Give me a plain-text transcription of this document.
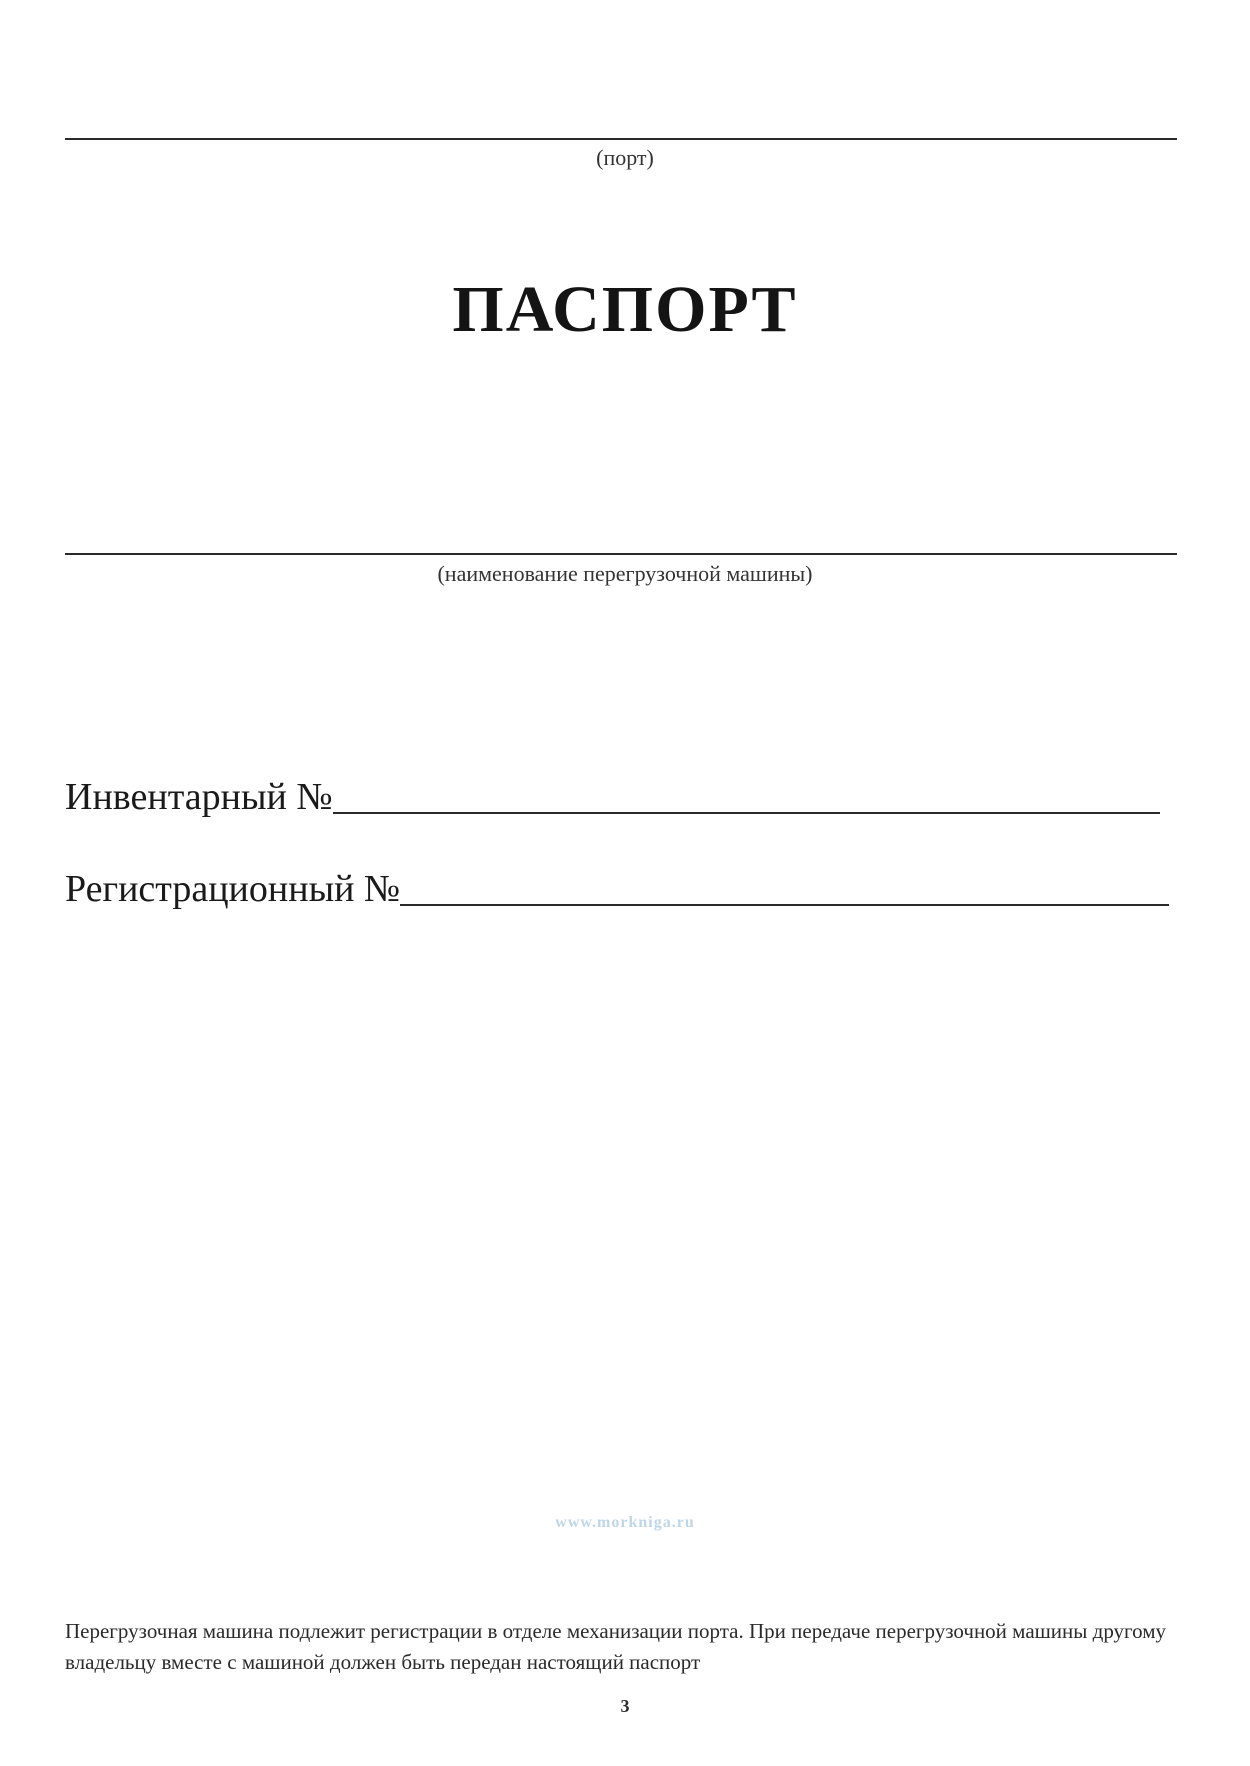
(порт)
ПАСПОРТ
(наименование перегрузочной машины)
Инвентарный №
Регистрационный №
www.morkniga.ru
Перегрузочная машина подлежит регистрации в отделе механизации порта. При передаче перегрузочной машины другому владельцу вместе с машиной должен быть передан настоящий паспорт
3
